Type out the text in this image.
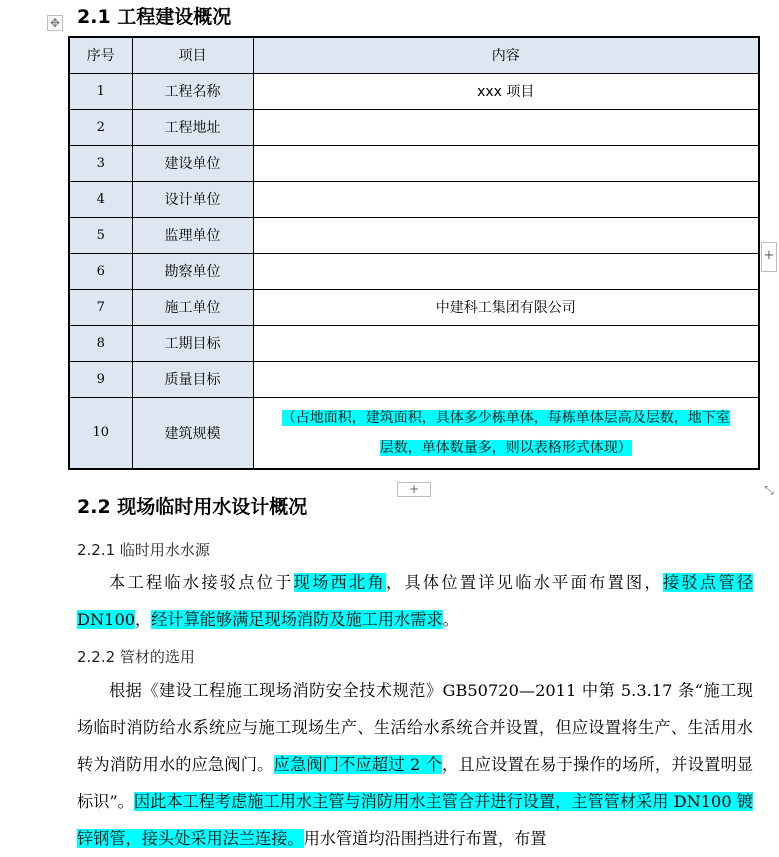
✥ 2.1 工程建设概况
序号	项目	内容
1	工程名称	xxx 项目
2	工程地址	
3	建设单位	
4	设计单位	
5	监理单位	
6	勘察单位	
7	施工单位	中建科工集团有限公司
8	工期目标	
9	质量目标	
10	建筑规模	（占地面积，建筑面积，具体多少栋单体，每栋单体层高及层数，地下室
层数，单体数量多，则以表格形式体现）
+
+	⤡
2.2 现场临时用水设计概况
2.2.1 临时用水水源
本工程临水接驳点位于现场西北角，具体位置详见临水平面布置图，接驳点管径 DN100，经计算能够满足现场消防及施工用水需求。
2.2.2 管材的选用
根据《建设工程施工现场消防安全技术规范》GB50720—2011 中第 5.3.17 条“施工现场临时消防给水系统应与施工现场生产、生活给水系统合并设置，但应设置将生产、生活用水转为消防用水的应急阀门。应急阀门不应超过 2 个，且应设置在易于操作的场所，并设置明显标识”。因此本工程考虑施工用水主管与消防用水主管合并进行设置，主管管材采用 DN100 镀锌钢管，接头处采用法兰连接。用水管道均沿围挡进行布置，布置
